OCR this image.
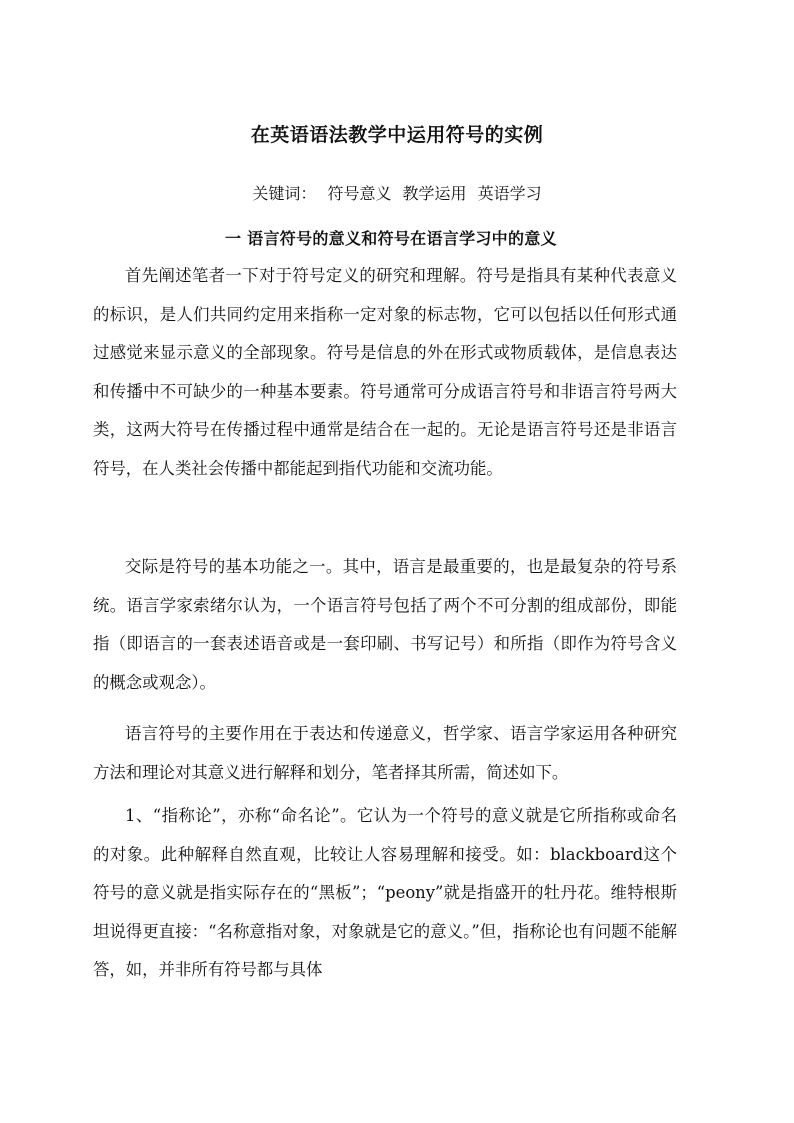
在英语语法教学中运用符号的实例
关键词： 符号意义 教学运用 英语学习
一 语言符号的意义和符号在语言学习中的意义

首先阐述笔者一下对于符号定义的研究和理解。符号是指具有某种代表意义的标识，是人们共同约定用来指称一定对象的标志物，它可以包括以任何形式通过感觉来显示意义的全部现象。符号是信息的外在形式或物质载体，是信息表达和传播中不可缺少的一种基本要素。符号通常可分成语言符号和非语言符号两大类，这两大符号在传播过程中通常是结合在一起的。无论是语言符号还是非语言符号，在人类社会传播中都能起到指代功能和交流功能。

交际是符号的基本功能之一。其中，语言是最重要的，也是最复杂的符号系统。语言学家索绪尔认为，一个语言符号包括了两个不可分割的组成部份，即能指（即语言的一套表述语音或是一套印刷、书写记号）和所指（即作为符号含义的概念或观念）。

语言符号的主要作用在于表达和传递意义，哲学家、语言学家运用各种研究方法和理论对其意义进行解释和划分，笔者择其所需，简述如下。

1、“指称论”，亦称“命名论”。它认为一个符号的意义就是它所指称或命名的对象。此种解释自然直观，比较让人容易理解和接受。如：blackboard这个符号的意义就是指实际存在的“黑板”；“peony”就是指盛开的牡丹花。维特根斯坦说得更直接：“名称意指对象，对象就是它的意义。”但，指称论也有问题不能解答，如，并非所有符号都与具体
